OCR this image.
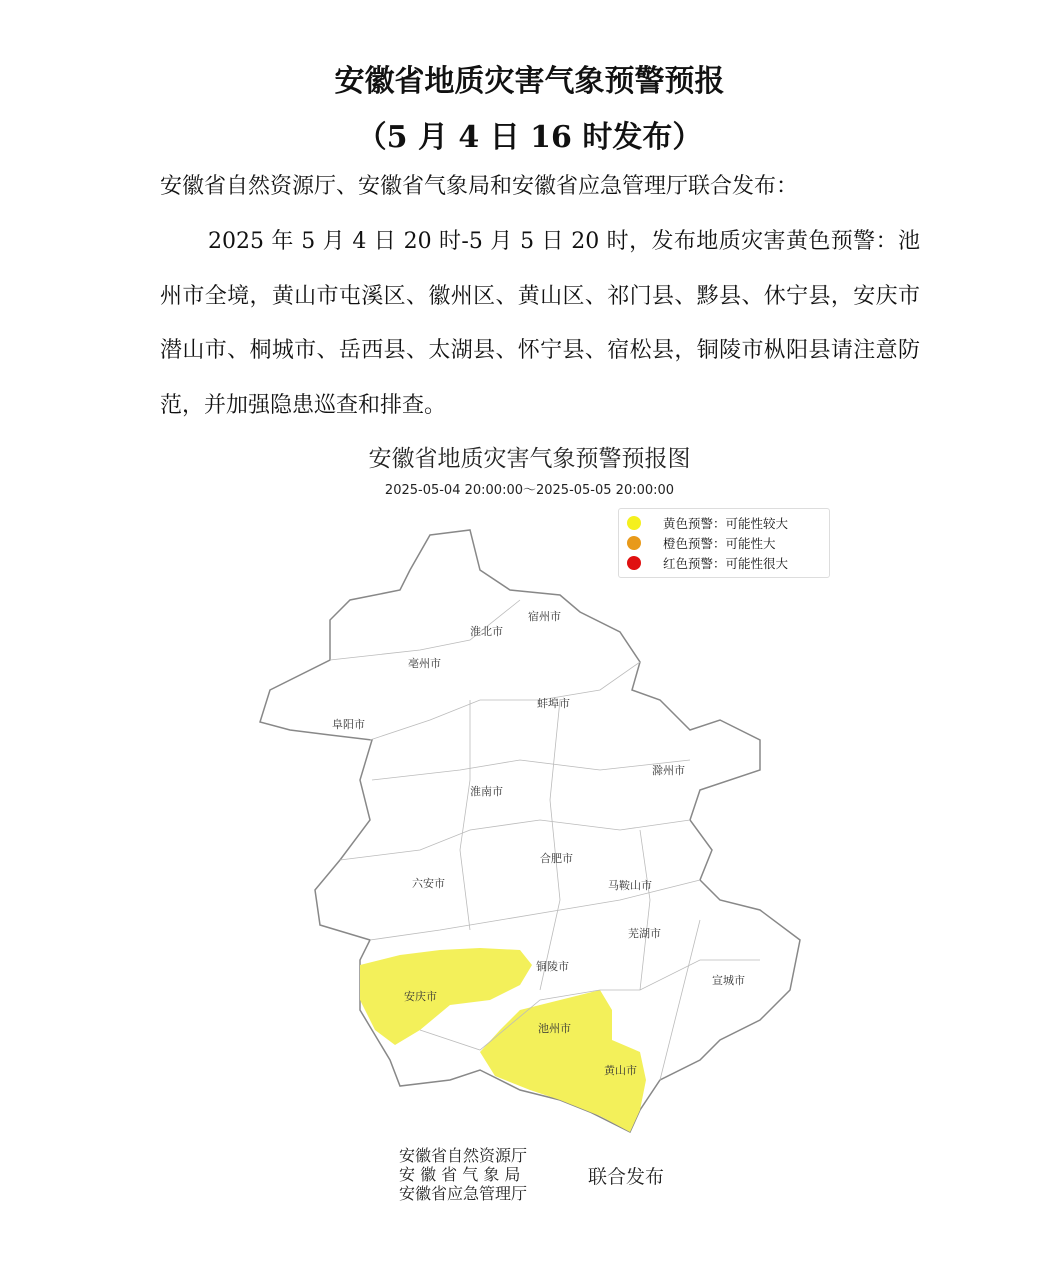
安徽省地质灾害气象预警预报
（5 月 4 日 16 时发布）
安徽省自然资源厅、安徽省气象局和安徽省应急管理厅联合发布：
2025 年 5 月 4 日 20 时-5 月 5 日 20 时，发布地质灾害黄色预警：池州市全境，黄山市屯溪区、徽州区、黄山区、祁门县、黟县、休宁县，安庆市潜山市、桐城市、岳西县、太湖县、怀宁县、宿松县，铜陵市枞阳县请注意防范，并加强隐患巡查和排查。
安徽省地质灾害气象预警预报图
2025-05-04 20:00:00～2025-05-05 20:00:00
宿州市
淮北市
亳州市
阜阳市
蚌埠市
淮南市
滁州市
合肥市
六安市	马鞍山市
芜湖市
铜陵市
宣城市
安庆市
池州市
黄山市
黄色预警：可能性较大
橙色预警：可能性大
红色预警：可能性很大
安徽省自然资源厅
安 徽 省 气 象 局
安徽省应急管理厅
联合发布
